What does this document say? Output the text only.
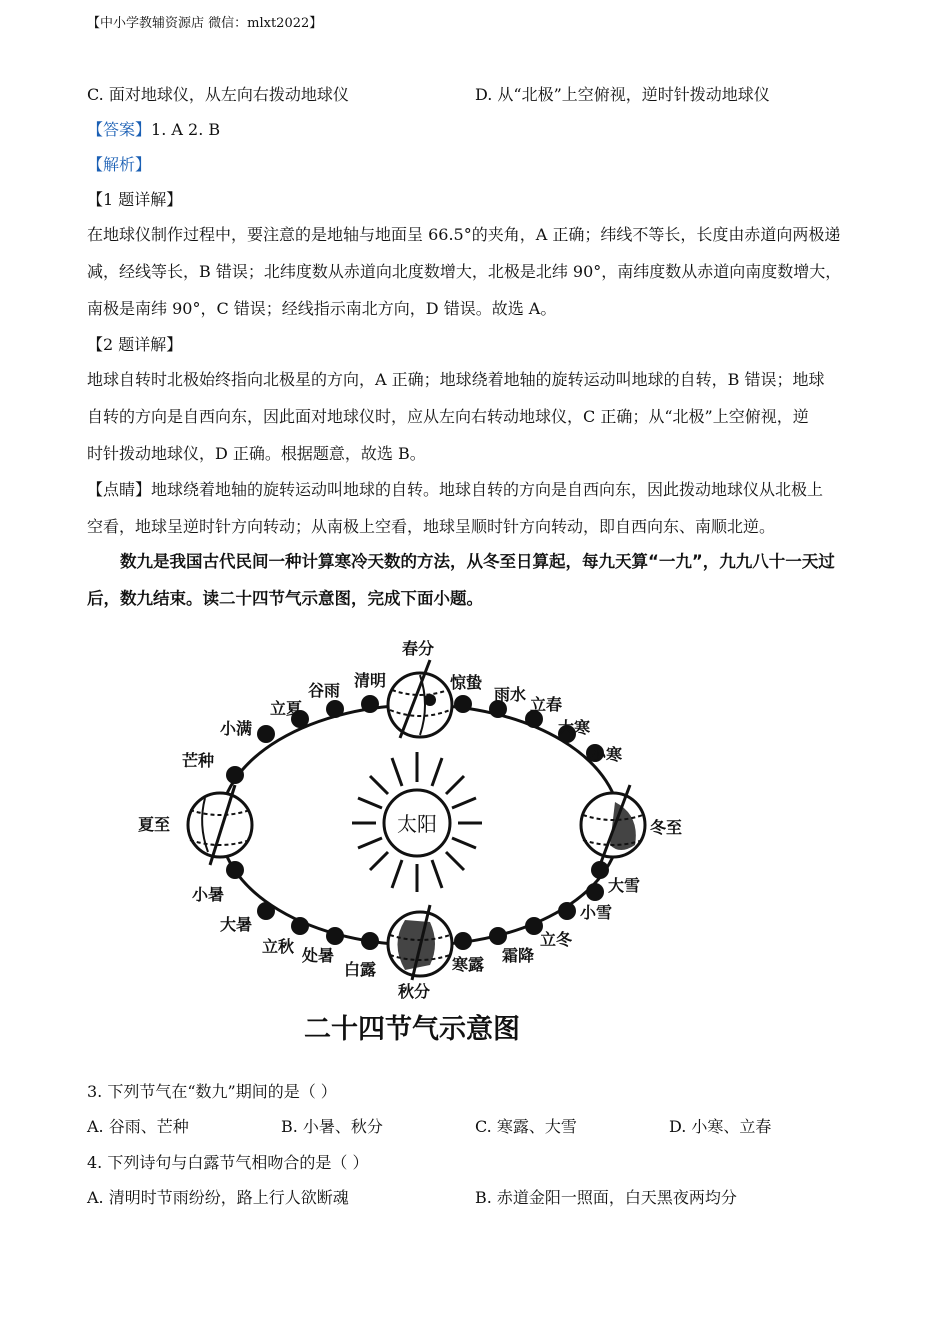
【中小学教辅资源店 微信：mlxt2022】
C. 面对地球仪，从左向右拨动地球仪	D. 从“北极”上空俯视，逆时针拨动地球仪
【答案】1. A 2. B
【解析】
【1 题详解】
在地球仪制作过程中，要注意的是地轴与地面呈 66.5°的夹角，A 正确；纬线不等长，长度由赤道向两极递
减，经线等长，B 错误；北纬度数从赤道向北度数增大，北极是北纬 90°，南纬度数从赤道向南度数增大，
南极是南纬 90°，C 错误；经线指示南北方向，D 错误。故选 A。
【2 题详解】
地球自转时北极始终指向北极星的方向，A 正确；地球绕着地轴的旋转运动叫地球的自转，B 错误；地球
自转的方向是自西向东，因此面对地球仪时，应从左向右转动地球仪，C 正确；从“北极”上空俯视，逆
时针拨动地球仪，D 正确。根据题意，故选 B。
【点睛】地球绕着地轴的旋转运动叫地球的自转。地球自转的方向是自西向东，因此拨动地球仪从北极上
空看，地球呈逆时针方向转动；从南极上空看，地球呈顺时针方向转动，即自西向东、南顺北逆。
数九是我国古代民间一种计算寒冷天数的方法，从冬至日算起，每九天算“一九”，九九八十一天过
后，数九结束。读二十四节气示意图，完成下面小题。
太阳
春分
惊蛰
雨水
立春
大寒
小寒
冬至
大雪
小雪
立冬
霜降
寒露
秋分
白露
处暑
立秋
大暑
小暑
夏至
芒种
小满
立夏
谷雨
清明
二十四节气示意图
3. 下列节气在“数九”期间的是（ ）
A. 谷雨、芒种	B. 小暑、秋分	C. 寒露、大雪	D. 小寒、立春
4. 下列诗句与白露节气相吻合的是（ ）
A. 清明时节雨纷纷，路上行人欲断魂	B. 赤道金阳一照面，白天黑夜两均分
